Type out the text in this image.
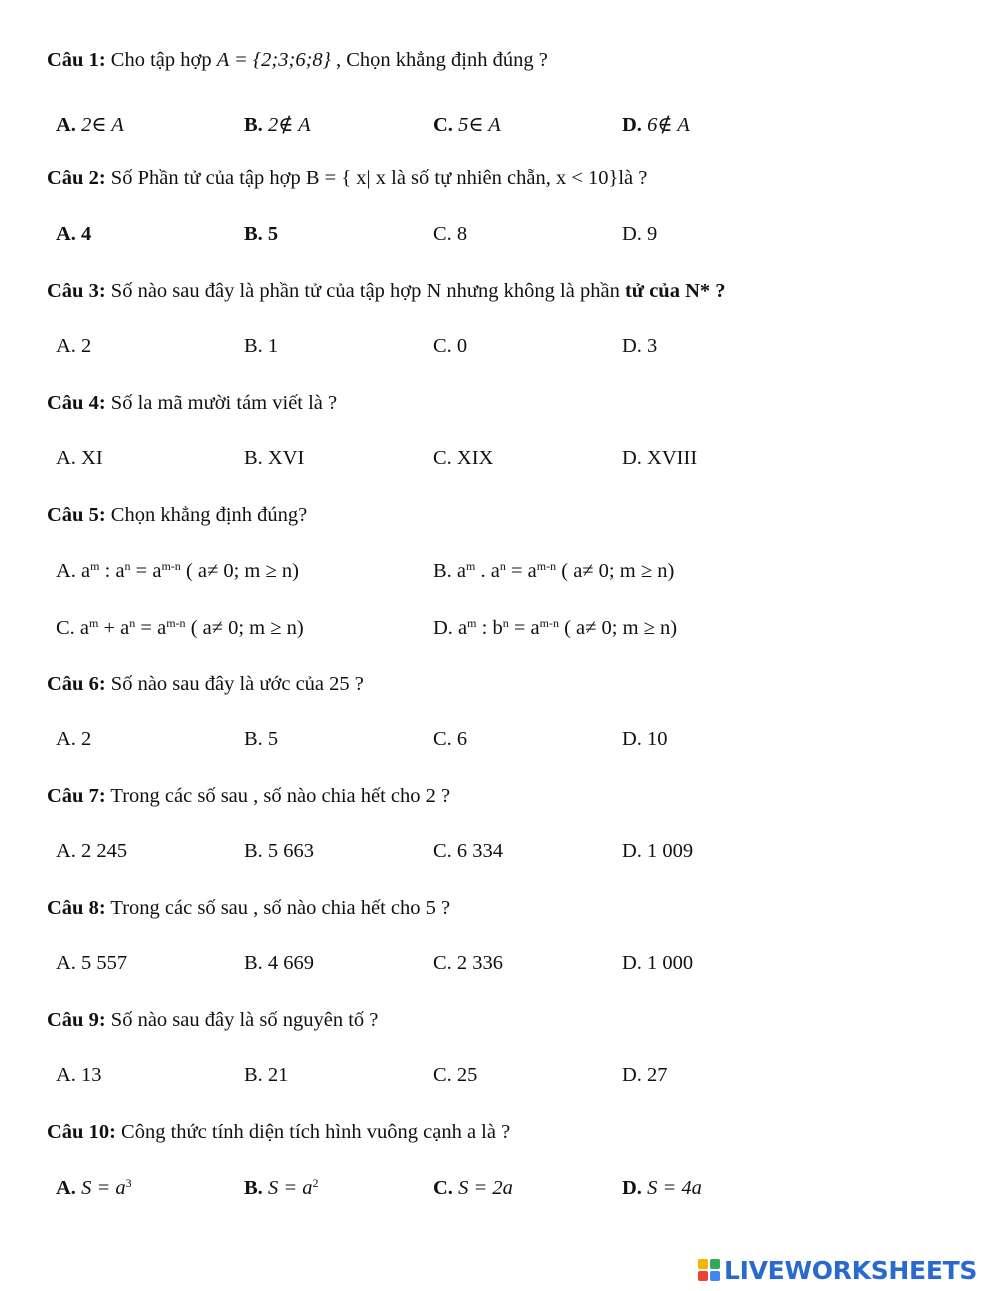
Câu 1: Cho tập hợp A = {2;3;6;8} , Chọn khẳng định đúng ?
A. 2∈ A	B. 2∉ A	C. 5∈ A	D. 6∉ A
Câu 2: Số Phần tử của tập hợp B = { x| x là số tự nhiên chẵn, x < 10}là ?
A. 4	B. 5	C. 8	D. 9
Câu 3: Số nào sau đây là phần tử của tập hợp N nhưng không là phần tử của N* ?
A. 2	B. 1	C. 0	D. 3
Câu 4: Số la mã mười tám viết là ?
A. XI	B. XVI	C. XIX	D. XVIII
Câu 5: Chọn khẳng định đúng?
A. $a^m$ : $a^n = a^{m-n}$ ( a≠ 0; m ≥ n)	B. $a^m$ . $a^n = a^{m-n}$ ( a≠ 0; m ≥ n)
C. $a^m + a^n = a^{m-n}$ ( a≠ 0; m ≥ n)	D. $a^m$ : $b^n = a^{m-n}$ ( a≠ 0; m ≥ n)
Câu 6: Số nào sau đây là ước của 25 ?
A. 2	B. 5	C. 6	D. 10
Câu 7: Trong các số sau , số nào chia hết cho 2 ?
A. 2 245	B. 5 663	C. 6 334	D. 1 009
Câu 8: Trong các số sau , số nào chia hết cho 5 ?
A. 5 557	B. 4 669	C. 2 336	D. 1 000
Câu 9: Số nào sau đây là số nguyên tố ?
A. 13	B. 21	C. 25	D. 27
Câu 10: Công thức tính diện tích hình vuông cạnh a là ?
A. $S = a^3$	B. $S = a^2$	C. S = 2a	D. S = 4a
LIVEWORKSHEETS
